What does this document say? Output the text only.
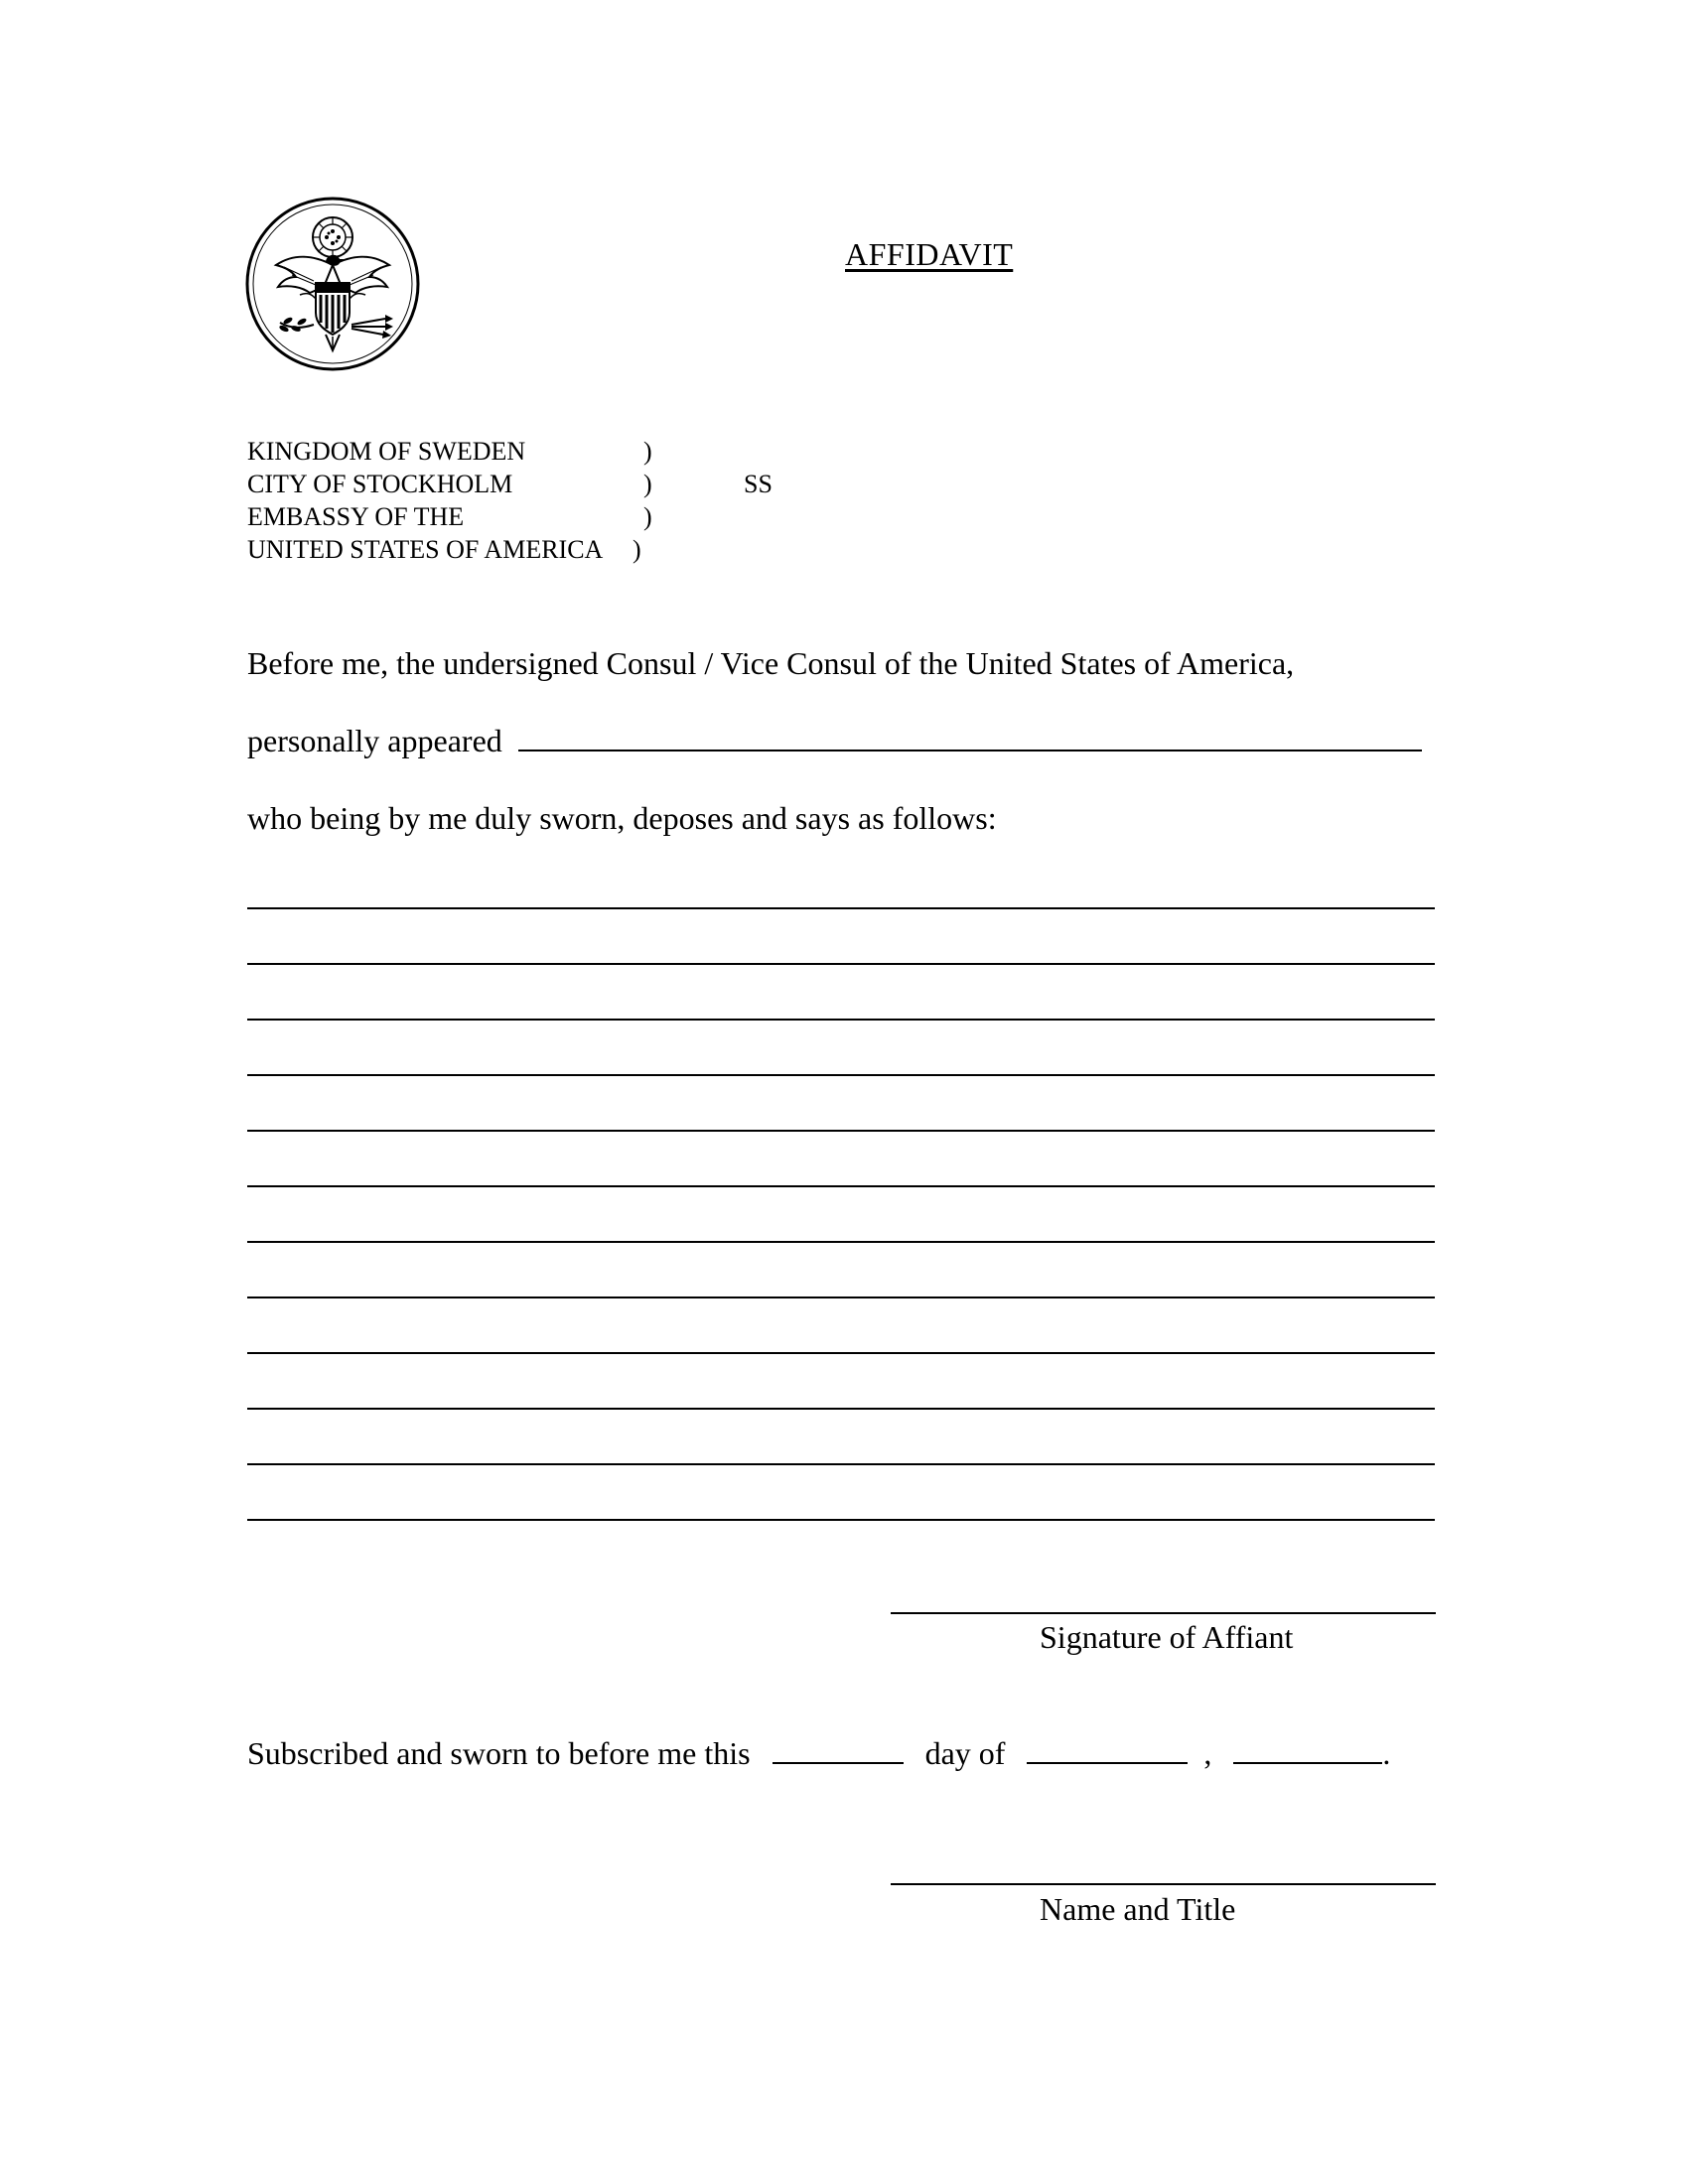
AFFIDAVIT
KINGDOM OF SWEDEN	)
CITY OF STOCKHOLM	)	SS
EMBASSY OF THE	)
UNITED STATES OF AMERICA )
Before me, the undersigned Consul / Vice Consul of the United States of America,
personally appeared
who being by me duly sworn, deposes and says as follows:
Signature of Affiant
Subscribed and sworn to before me this	day of	,	.
Name and Title
